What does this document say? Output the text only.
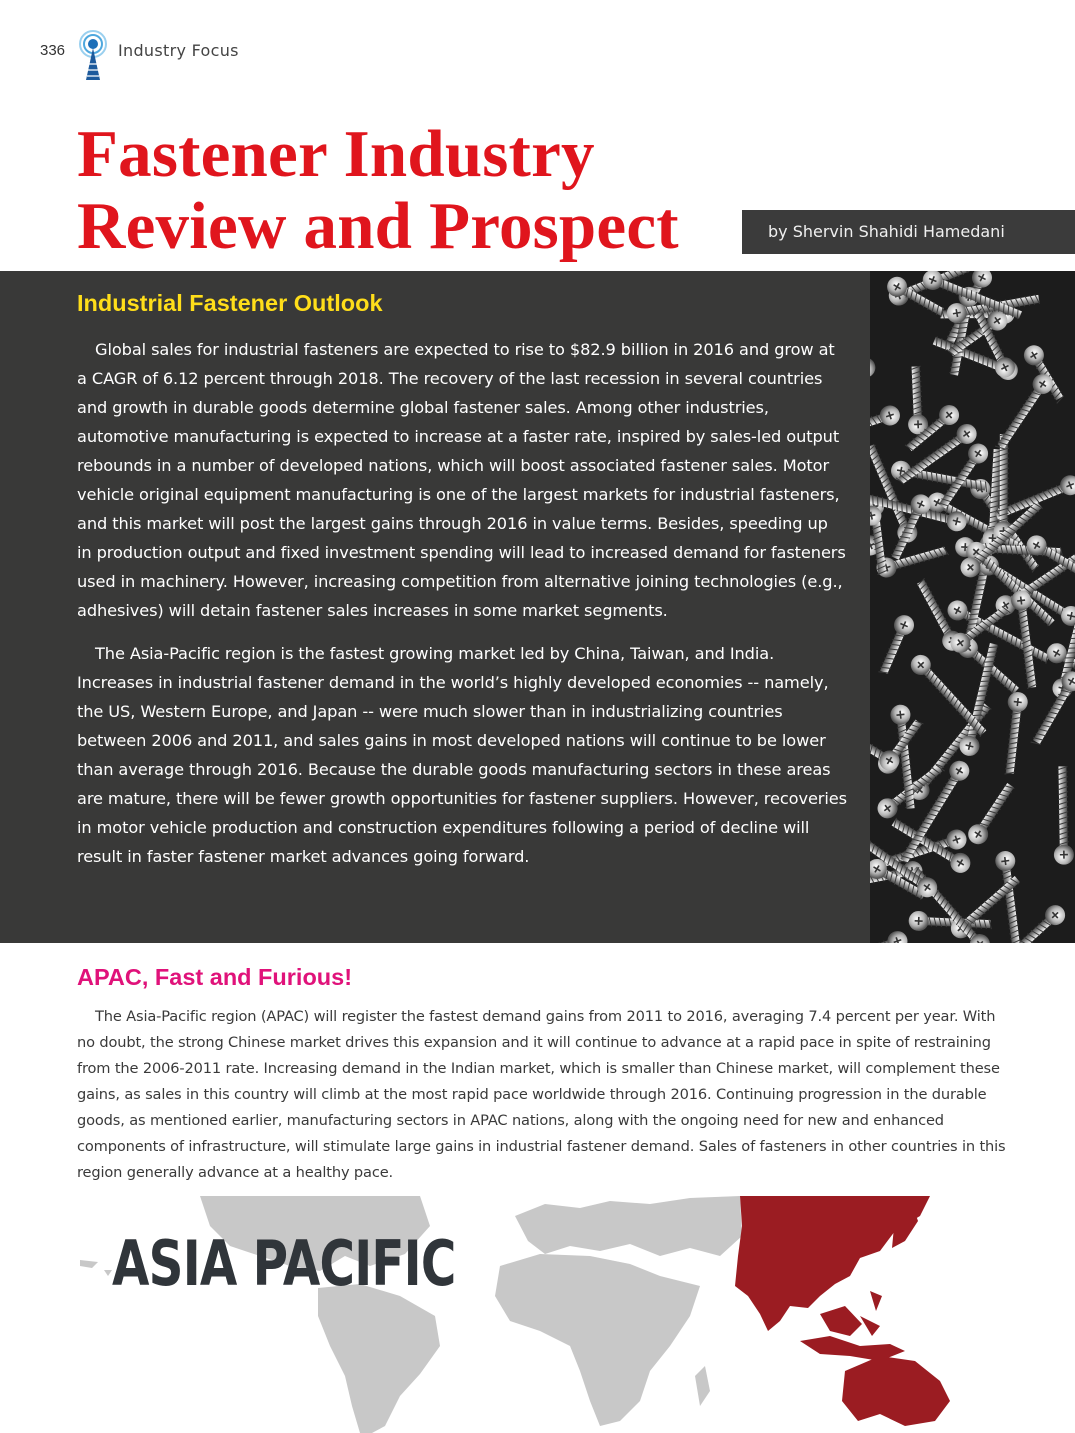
336	Industry Focus
Fastener Industry
Review and Prospect	by Shervin Shahidi Hamedani
Industrial Fastener Outlook

Global sales for industrial fasteners are expected to rise to $82.9 billion in 2016 and grow at a CAGR of 6.12 percent through 2018. The recovery of the last recession in several countries and growth in durable goods determine global fastener sales. Among other industries, automotive manufacturing is expected to increase at a faster rate, inspired by sales-led output rebounds in a number of developed nations, which will boost associated fastener sales. Motor vehicle original equipment manufacturing is one of the largest markets for industrial fasteners, and this market will post the largest gains through 2016 in value terms. Besides, speeding up in production output and fixed investment spending will lead to increased demand for fasteners used in machinery. However, increasing competition from alternative joining technologies (e.g., adhesives) will detain fastener sales increases in some market segments.

The Asia-Pacific region is the fastest growing market led by China, Taiwan, and India. Increases in industrial fastener demand in the world’s highly developed economies -- namely, the US, Western Europe, and Japan -- were much slower than in industrializing countries between 2006 and 2011, and sales gains in most developed nations will continue to be lower than average through 2016. Because the durable goods manufacturing sectors in these areas are mature, there will be fewer growth opportunities for fastener suppliers. However, recoveries in motor vehicle production and construction expenditures following a period of decline will result in faster fastener market advances going forward.

APAC, Fast and Furious!

The Asia-Pacific region (APAC) will register the fastest demand gains from 2011 to 2016, averaging 7.4 percent per year. With no doubt, the strong Chinese market drives this expansion and it will continue to advance at a rapid pace in spite of restraining from the 2006-2011 rate. Increasing demand in the Indian market, which is smaller than Chinese market, will complement these gains, as sales in this country will climb at the most rapid pace worldwide through 2016. Continuing progression in the durable goods, as mentioned earlier, manufacturing sectors in APAC nations, along with the ongoing need for new and enhanced components of infrastructure, will stimulate large gains in industrial fastener demand. Sales of fasteners in other countries in this region generally advance at a healthy pace.

ASIA PACIFIC
